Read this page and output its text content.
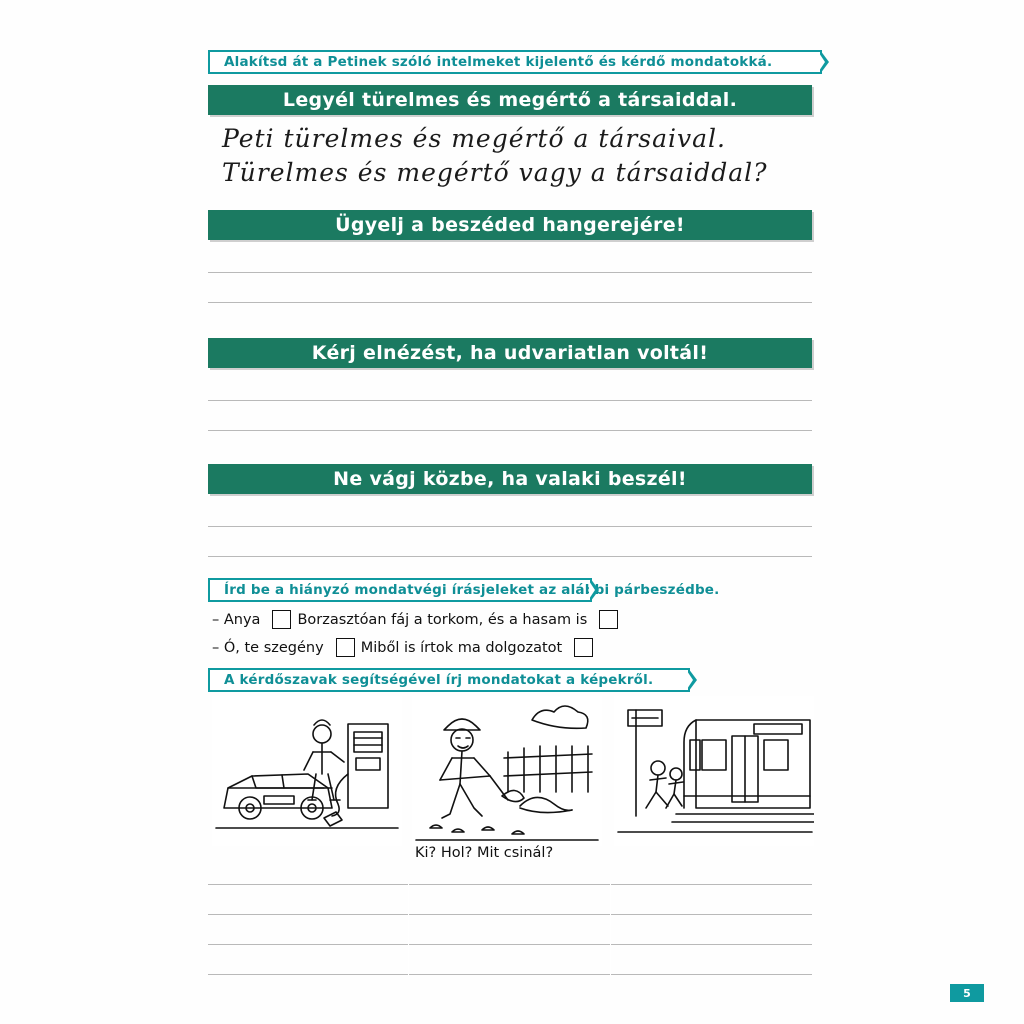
Alakítsd át a Petinek szóló intelmeket kijelentő és kérdő mondatokká.
Legyél türelmes és megértő a társaiddal.
Peti türelmes és megértő a társaival.
Türelmes és megértő vagy a társaiddal?
Ügyelj a beszéded hangerejére!
Kérj elnézést, ha udvariatlan voltál!
Ne vágj közbe, ha valaki beszél!
Írd be a hiányzó mondatvégi írásjeleket az alábbi párbeszédbe.
– Anya	Borzasztóan fáj a torkom, és a hasam is
– Ó, te szegény	Miből is írtok ma dolgozatot
A kérdőszavak segítségével írj mondatokat a képekről.
Ki? Hol? Mit csinál?
5
